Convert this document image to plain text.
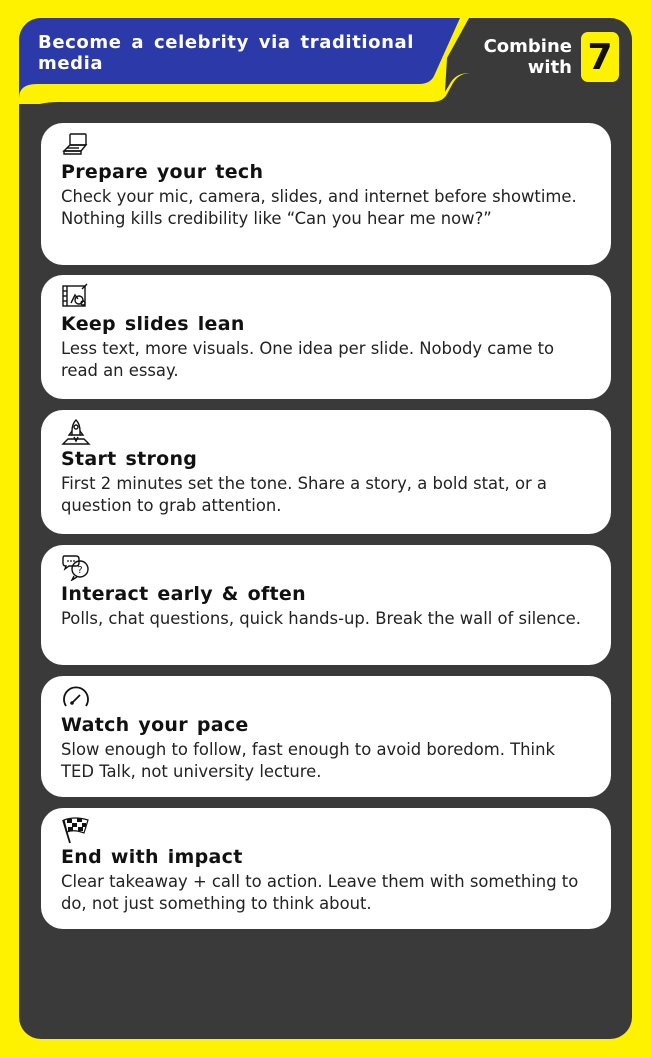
Become a celebrity via traditional media
Combine
with 7
Prepare your tech
Check your mic, camera, slides, and internet before showtime. Nothing kills credibility like “Can you hear me now?”
Keep slides lean
Less text, more visuals. One idea per slide. Nobody came to read an essay.
Start strong
First 2 minutes set the tone. Share a story, a bold stat, or a question to grab attention.
?
Interact early & often
Polls, chat questions, quick hands-up. Break the wall of silence.
Watch your pace
Slow enough to follow, fast enough to avoid boredom. Think TED Talk, not university lecture.
End with impact
Clear takeaway + call to action. Leave them with something to do, not just something to think about.
